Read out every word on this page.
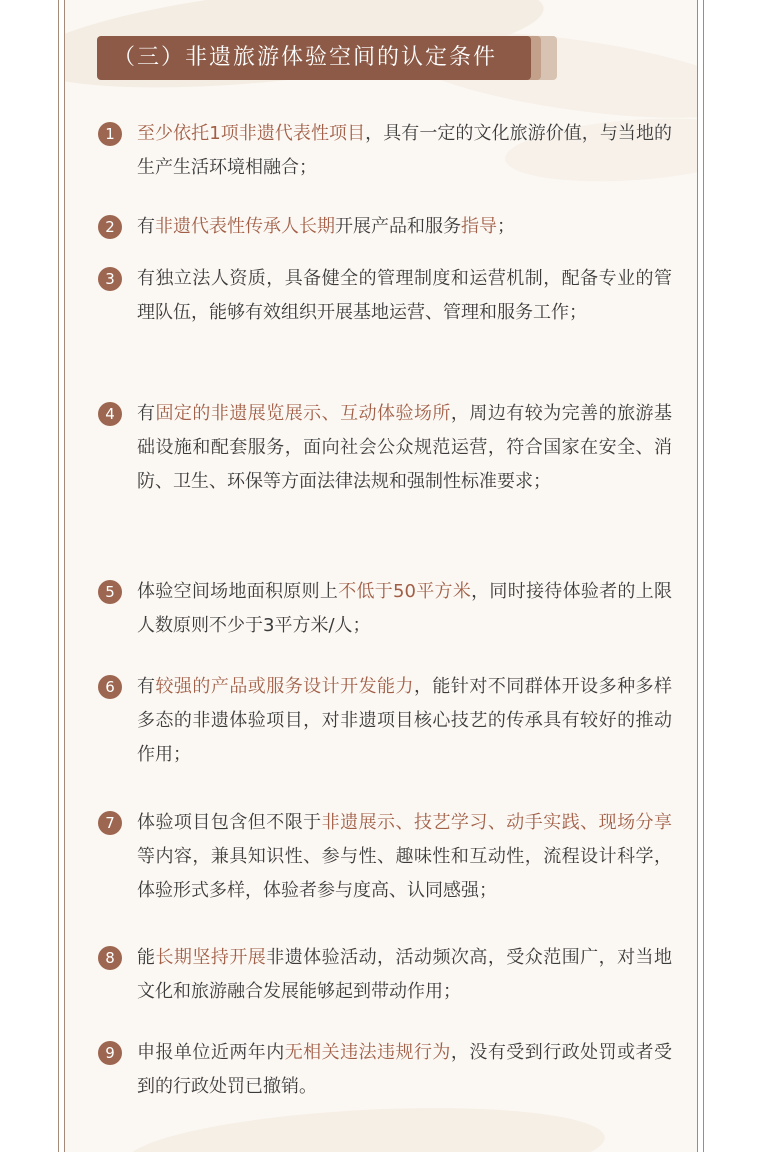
（三）非遗旅游体验空间的认定条件
1	至少依托1项非遗代表性项目，具有一定的文化旅游价值，与当地的生产生活环境相融合；
2	有非遗代表性传承人长期开展产品和服务指导；
3	有独立法人资质，具备健全的管理制度和运营机制，配备专业的管理队伍，能够有效组织开展基地运营、管理和服务工作；
4	有固定的非遗展览展示、互动体验场所，周边有较为完善的旅游基础设施和配套服务，面向社会公众规范运营，符合国家在安全、消防、卫生、环保等方面法律法规和强制性标准要求；
5	体验空间场地面积原则上不低于50平方米，同时接待体验者的上限人数原则不少于3平方米/人；
6	有较强的产品或服务设计开发能力，能针对不同群体开设多种多样多态的非遗体验项目，对非遗项目核心技艺的传承具有较好的推动作用；
7	体验项目包含但不限于非遗展示、技艺学习、动手实践、现场分享等内容，兼具知识性、参与性、趣味性和互动性，流程设计科学，体验形式多样，体验者参与度高、认同感强；
8	能长期坚持开展非遗体验活动，活动频次高，受众范围广，对当地文化和旅游融合发展能够起到带动作用；
9	申报单位近两年内无相关违法违规行为，没有受到行政处罚或者受到的行政处罚已撤销。
